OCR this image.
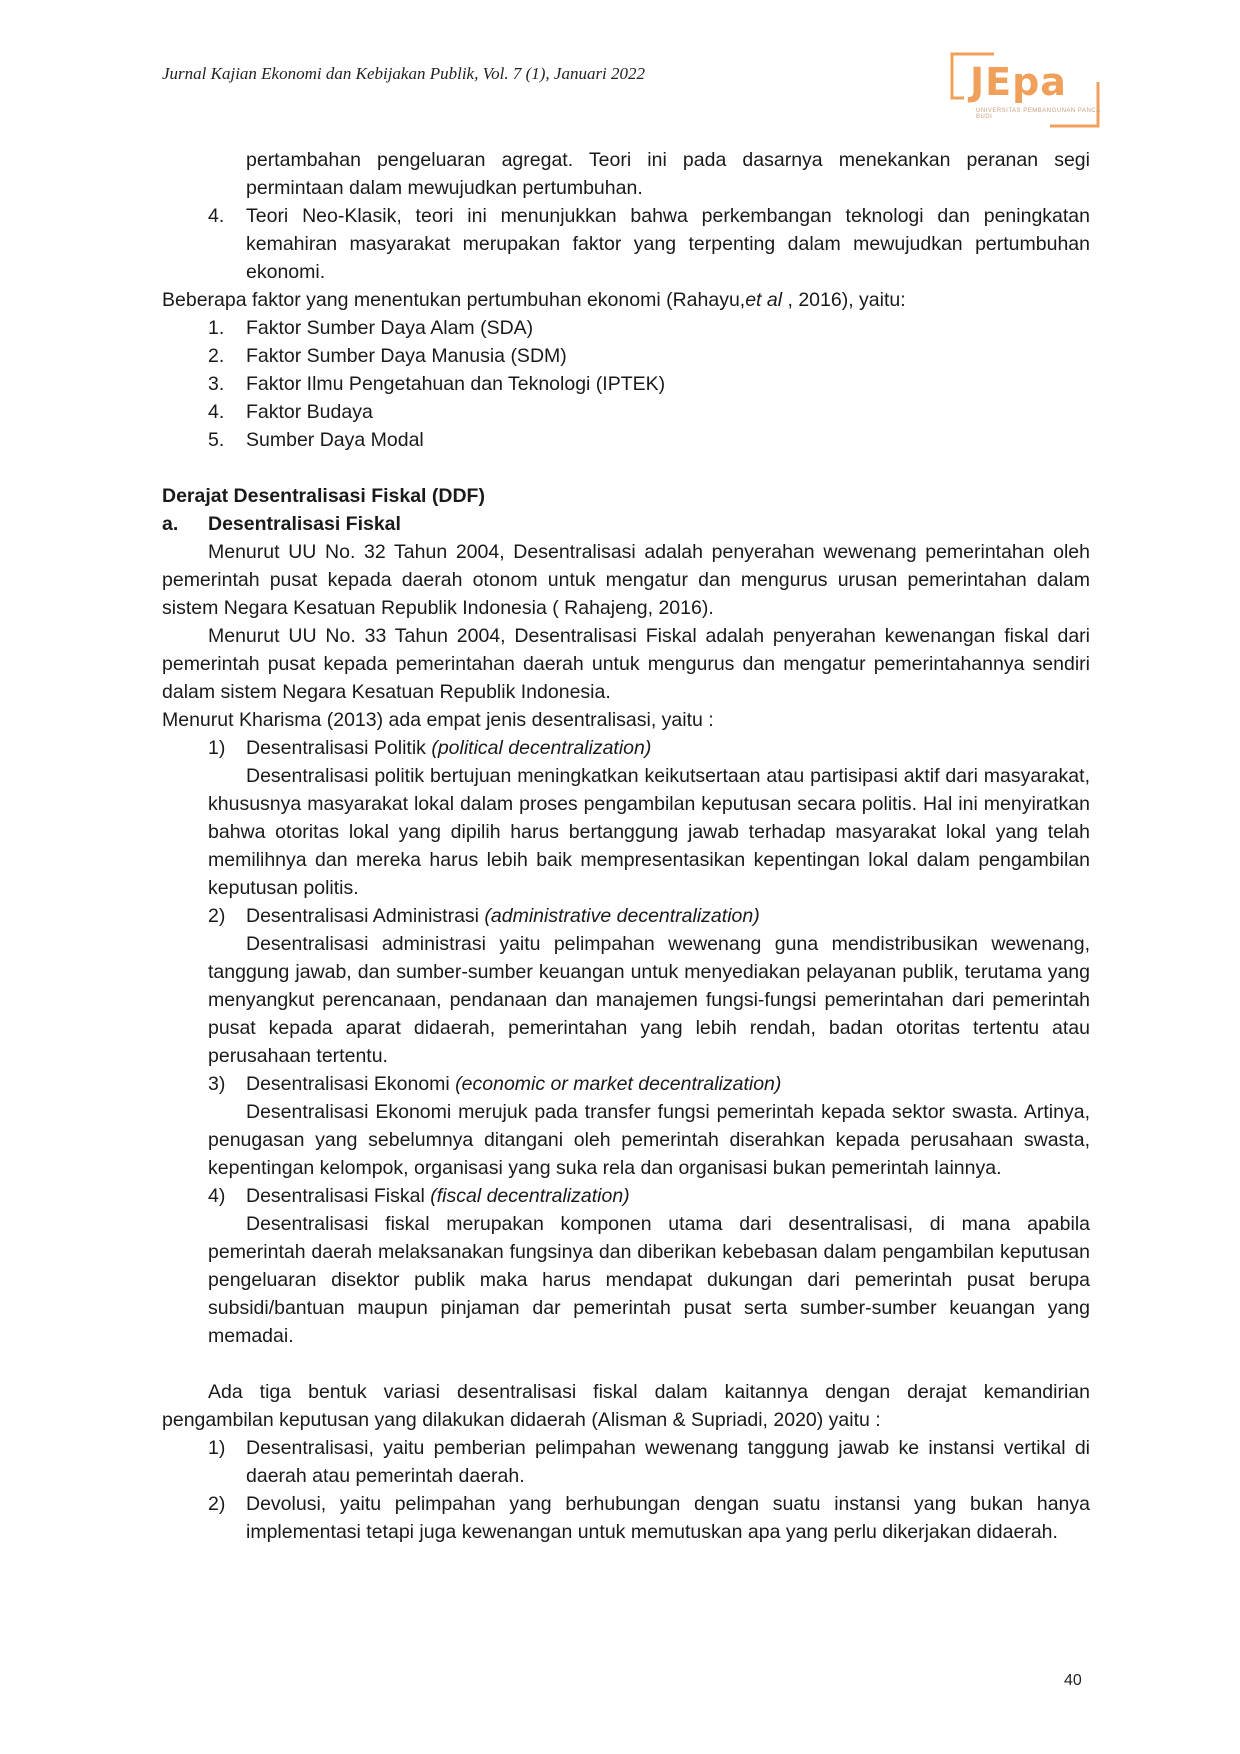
Jurnal Kajian Ekonomi dan Kebijakan Publik, Vol. 7 (1), Januari 2022	JEpa
UNIVERSITAS PEMBANGUNAN PANCA BUDI

pertambahan pengeluaran agregat. Teori ini pada dasarnya menekankan peranan segi permintaan dalam mewujudkan pertumbuhan.

4. Teori Neo-Klasik, teori ini menunjukkan bahwa perkembangan teknologi dan peningkatan kemahiran masyarakat merupakan faktor yang terpenting dalam mewujudkan pertumbuhan ekonomi.

Beberapa faktor yang menentukan pertumbuhan ekonomi (Rahayu,et al , 2016), yaitu:

1. Faktor Sumber Daya Alam (SDA)
2. Faktor Sumber Daya Manusia (SDM)
3. Faktor Ilmu Pengetahuan dan Teknologi (IPTEK)
4. Faktor Budaya
5. Sumber Daya Modal
Derajat Desentralisasi Fiskal (DDF)
a. Desentralisasi Fiskal

Menurut UU No. 32 Tahun 2004, Desentralisasi adalah penyerahan wewenang pemerintahan oleh pemerintah pusat kepada daerah otonom untuk mengatur dan mengurus urusan pemerintahan dalam sistem Negara Kesatuan Republik Indonesia ( Rahajeng, 2016).

Menurut UU No. 33 Tahun 2004, Desentralisasi Fiskal adalah penyerahan kewenangan fiskal dari pemerintah pusat kepada pemerintahan daerah untuk mengurus dan mengatur pemerintahannya sendiri dalam sistem Negara Kesatuan Republik Indonesia.

Menurut Kharisma (2013) ada empat jenis desentralisasi, yaitu :

1) Desentralisasi Politik (political decentralization)

Desentralisasi politik bertujuan meningkatkan keikutsertaan atau partisipasi aktif dari masyarakat, khususnya masyarakat lokal dalam proses pengambilan keputusan secara politis. Hal ini menyiratkan bahwa otoritas lokal yang dipilih harus bertanggung jawab terhadap masyarakat lokal yang telah memilihnya dan mereka harus lebih baik mempresentasikan kepentingan lokal dalam pengambilan keputusan politis.

2) Desentralisasi Administrasi (administrative decentralization)

Desentralisasi administrasi yaitu pelimpahan wewenang guna mendistribusikan wewenang, tanggung jawab, dan sumber-sumber keuangan untuk menyediakan pelayanan publik, terutama yang menyangkut perencanaan, pendanaan dan manajemen fungsi-fungsi pemerintahan dari pemerintah pusat kepada aparat didaerah, pemerintahan yang lebih rendah, badan otoritas tertentu atau perusahaan tertentu.

3) Desentralisasi Ekonomi (economic or market decentralization)

Desentralisasi Ekonomi merujuk pada transfer fungsi pemerintah kepada sektor swasta. Artinya, penugasan yang sebelumnya ditangani oleh pemerintah diserahkan kepada perusahaan swasta, kepentingan kelompok, organisasi yang suka rela dan organisasi bukan pemerintah lainnya.

4) Desentralisasi Fiskal (fiscal decentralization)

Desentralisasi fiskal merupakan komponen utama dari desentralisasi, di mana apabila pemerintah daerah melaksanakan fungsinya dan diberikan kebebasan dalam pengambilan keputusan pengeluaran disektor publik maka harus mendapat dukungan dari pemerintah pusat berupa subsidi/bantuan maupun pinjaman dar pemerintah pusat serta sumber-sumber keuangan yang memadai.

Ada tiga bentuk variasi desentralisasi fiskal dalam kaitannya dengan derajat kemandirian pengambilan keputusan yang dilakukan didaerah (Alisman & Supriadi, 2020) yaitu :

1) Desentralisasi, yaitu pemberian pelimpahan wewenang tanggung jawab ke instansi vertikal di daerah atau pemerintah daerah.
2) Devolusi, yaitu pelimpahan yang berhubungan dengan suatu instansi yang bukan hanya implementasi tetapi juga kewenangan untuk memutuskan apa yang perlu dikerjakan didaerah.
40
